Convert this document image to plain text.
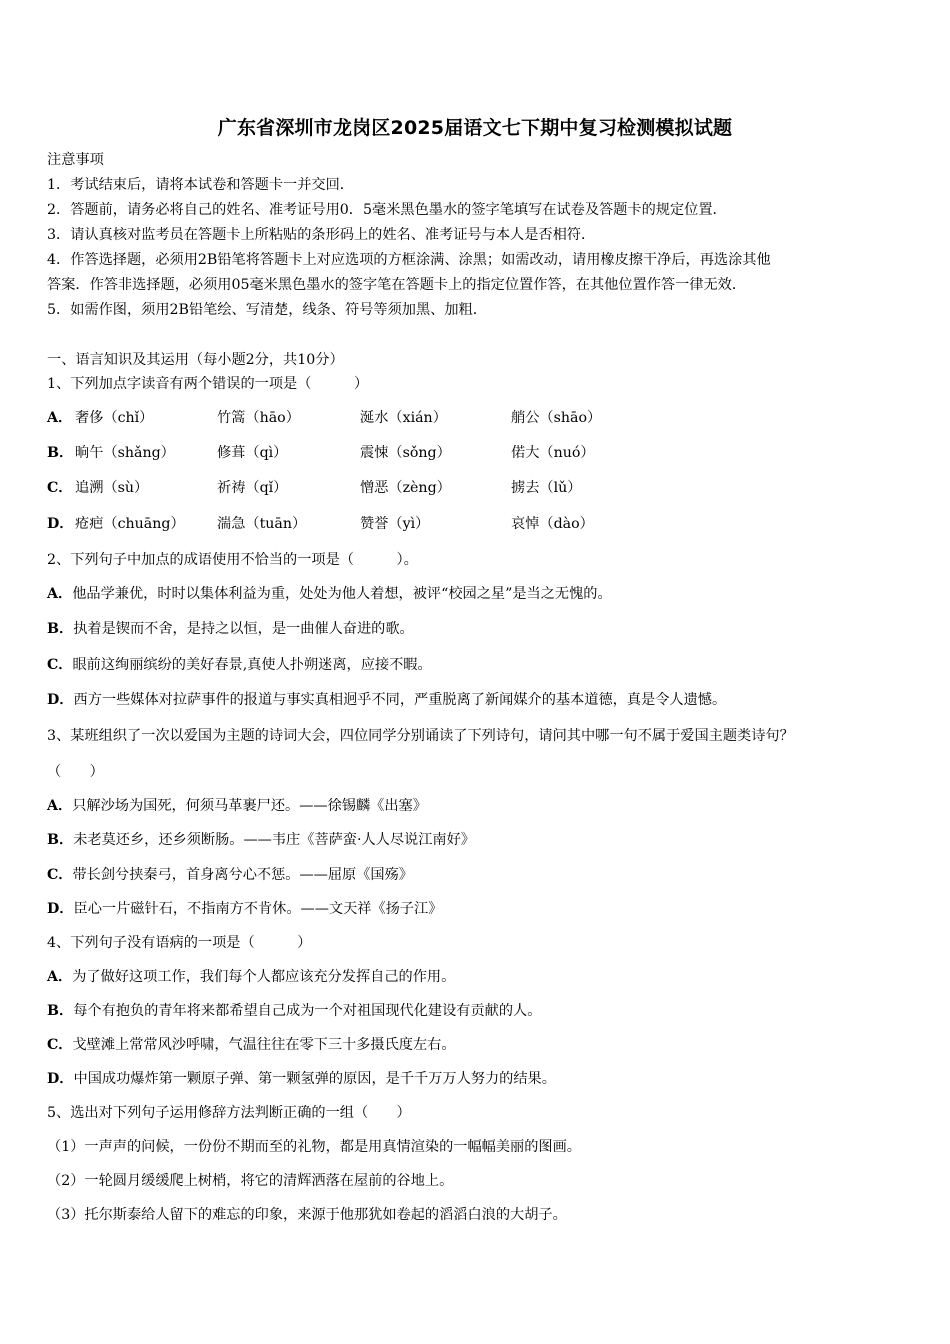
广东省深圳市龙岗区2025届语文七下期中复习检测模拟试题
注意事项
1．考试结束后，请将本试卷和答题卡一并交回．
2．答题前，请务必将自己的姓名、准考证号用0．5毫米黑色墨水的签字笔填写在试卷及答题卡的规定位置．
3．请认真核对监考员在答题卡上所粘贴的条形码上的姓名、准考证号与本人是否相符．
4．作答选择题，必须用2B铅笔将答题卡上对应选项的方框涂满、涂黑；如需改动，请用橡皮擦干净后，再选涂其他
答案．作答非选择题，必须用05毫米黑色墨水的签字笔在答题卡上的指定位置作答，在其他位置作答一律无效．
5．如需作图，须用2B铅笔绘、写清楚，线条、符号等须加黑、加粗．
一、语言知识及其运用（每小题2分，共10分）
1、下列加点字读音有两个错误的一项是（　　　）
A． 奢侈（chǐ）	竹篙（hāo）	涎水（xián）	艄公（shāo）
B． 晌午（shǎng）	修葺（qì）	震悚（sǒng）	偌大（nuó）
C． 追溯（sù）	祈祷（qǐ）	憎恶（zèng）	掳去（lǔ）
D． 疮疤（chuāng） 湍急（tuān）	赞誉（yì）	哀悼（dào）
2、下列句子中加点的成语使用不恰当的一项是（　　　）。
A．他品学兼优，时时以集体利益为重，处处为他人着想，被评“校园之星”是当之无愧的。
B．执着是锲而不舍，是持之以恒，是一曲催人奋进的歌。
C．眼前这绚丽缤纷的美好春景,真使人扑朔迷离，应接不暇。
D．西方一些媒体对拉萨事件的报道与事实真相迥乎不同，严重脱离了新闻媒介的基本道德，真是令人遗憾。
3、某班组织了一次以爱国为主题的诗词大会，四位同学分别诵读了下列诗句，请问其中哪一句不属于爱国主题类诗句？
（　　）
A．只解沙场为国死，何须马革裹尸还。——徐锡麟《出塞》
B．未老莫还乡，还乡须断肠。——韦庄《菩萨蛮·人人尽说江南好》
C．带长剑兮挟秦弓，首身离兮心不惩。——屈原《国殇》
D．臣心一片磁针石，不指南方不肯休。——文天祥《扬子江》
4、下列句子没有语病的一项是（　　　）
A．为了做好这项工作，我们每个人都应该充分发挥自己的作用。
B．每个有抱负的青年将来都希望自己成为一个对祖国现代化建设有贡献的人。
C．戈壁滩上常常风沙呼啸，气温往往在零下三十多摄氏度左右。
D．中国成功爆炸第一颗原子弹、第一颗氢弹的原因，是千千万万人努力的结果。
5、选出对下列句子运用修辞方法判断正确的一组（　　）
（1）一声声的问候，一份份不期而至的礼物，都是用真情渲染的一幅幅美丽的图画。
（2）一轮圆月缓缓爬上树梢，将它的清辉洒落在屋前的谷地上。
（3）托尔斯泰给人留下的难忘的印象，来源于他那犹如卷起的滔滔白浪的大胡子。
